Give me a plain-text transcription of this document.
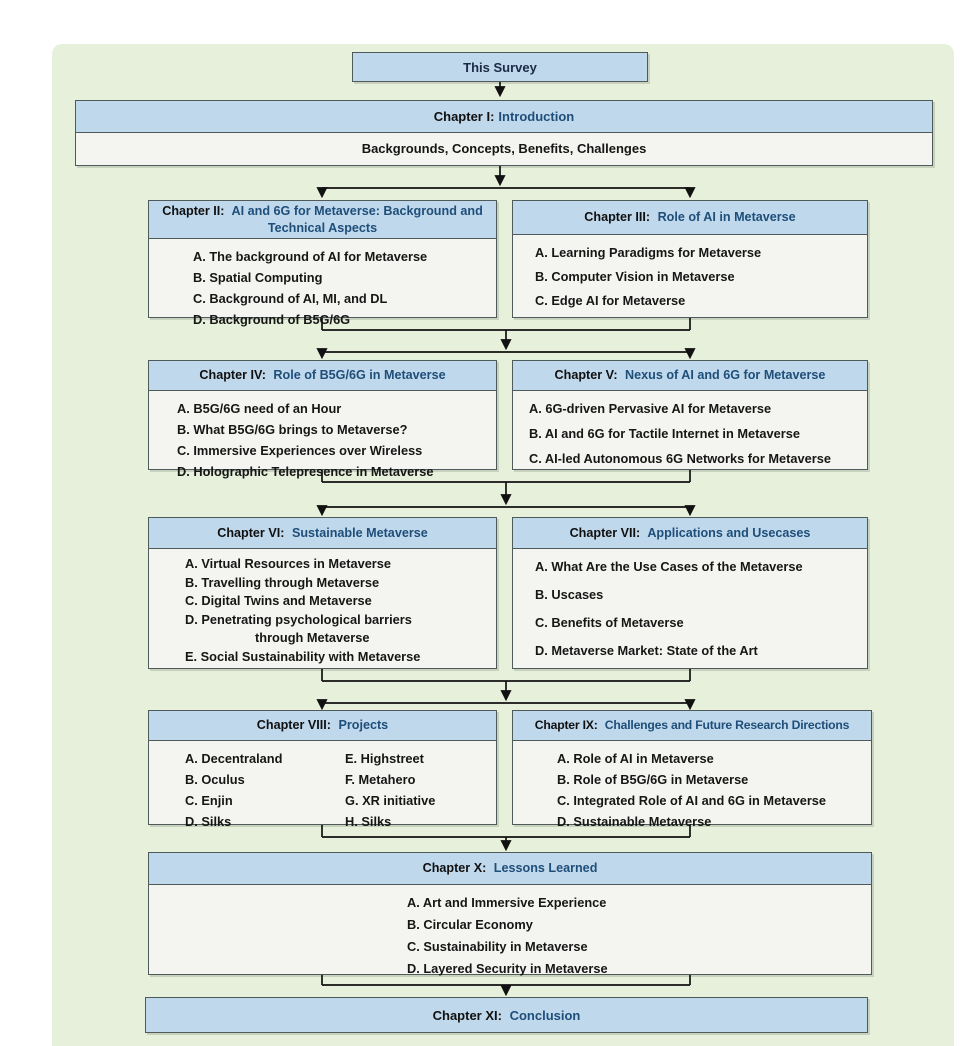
This Survey
Chapter I: Introduction
Backgrounds, Concepts, Benefits, Challenges
Chapter II: AI and 6G for Metaverse: Background and Technical Aspects
A. The background of AI for Metaverse
B. Spatial Computing
C. Background of AI, MI, and DL
D. Background of B5G/6G
Chapter III: Role of AI in Metaverse
A. Learning Paradigms for Metaverse
B. Computer Vision in Metaverse
C. Edge AI for Metaverse
Chapter IV: Role of B5G/6G in Metaverse
A. B5G/6G need of an Hour
B. What B5G/6G brings to Metaverse?
C. Immersive Experiences over Wireless
D. Holographic Telepresence in Metaverse
Chapter V: Nexus of AI and 6G for Metaverse
A. 6G-driven Pervasive AI for Metaverse
B. AI and 6G for Tactile Internet in Metaverse
C. AI-led Autonomous 6G Networks for Metaverse
Chapter VI: Sustainable Metaverse
A. Virtual Resources in Metaverse
B. Travelling through Metaverse
C. Digital Twins and Metaverse
D. Penetrating psychological barriers through Metaverse
E. Social Sustainability with Metaverse
Chapter VII: Applications and Usecases
A. What Are the Use Cases of the Metaverse
B. Uscases
C. Benefits of Metaverse
D. Metaverse Market: State of the Art
Chapter VIII: Projects
A. Decentraland
B. Oculus
C. Enjin
D. Silks
E. Highstreet
F. Metahero
G. XR initiative
H. Silks
Chapter IX: Challenges and Future Research Directions
A. Role of AI in Metaverse
B. Role of B5G/6G in Metaverse
C. Integrated Role of AI and 6G in Metaverse
D. Sustainable Metaverse
Chapter X: Lessons Learned
A. Art and Immersive Experience
B. Circular Economy
C. Sustainability in Metaverse
D. Layered Security in Metaverse
Chapter XI: Conclusion
